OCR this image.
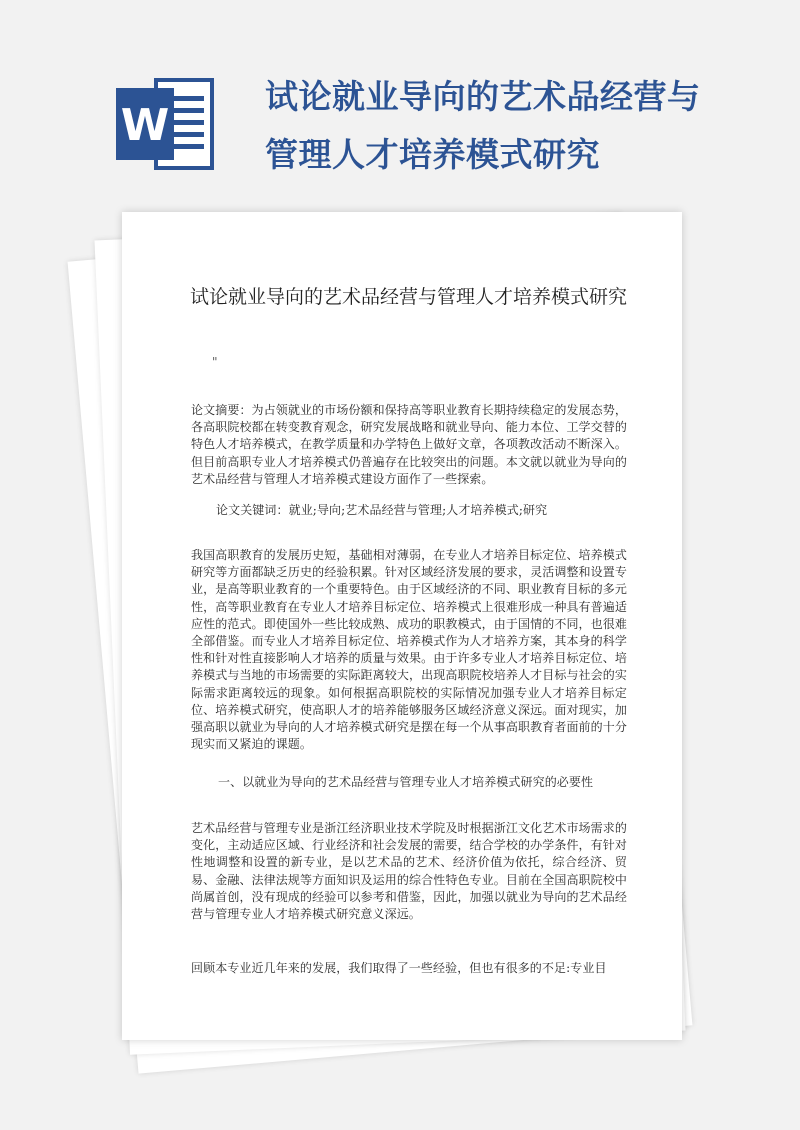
W
试论就业导向的艺术品经营与
管理人才培养模式研究
试论就业导向的艺术品经营与管理人才培养模式研究
"
论文摘要：为占领就业的市场份额和保持高等职业教育长期持续稳定的发展态势，各高职院校都在转变教育观念，研究发展战略和就业导向、能力本位、工学交替的特色人才培养模式，在教学质量和办学特色上做好文章，各项教改活动不断深入。但目前高职专业人才培养模式仍普遍存在比较突出的问题。本文就以就业为导向的艺术品经营与管理人才培养模式建设方面作了一些探索。
论文关键词：就业;导向;艺术品经营与管理;人才培养模式;研究
我国高职教育的发展历史短，基础相对薄弱，在专业人才培养目标定位、培养模式研究等方面都缺乏历史的经验积累。针对区域经济发展的要求，灵活调整和设置专业，是高等职业教育的一个重要特色。由于区域经济的不同、职业教育目标的多元性，高等职业教育在专业人才培养目标定位、培养模式上很难形成一种具有普遍适应性的范式。即使国外一些比较成熟、成功的职教模式，由于国情的不同，也很难全部借鉴。而专业人才培养目标定位、培养模式作为人才培养方案，其本身的科学性和针对性直接影响人才培养的质量与效果。由于许多专业人才培养目标定位、培养模式与当地的市场需要的实际距离较大，出现高职院校培养人才目标与社会的实际需求距离较远的现象。如何根据高职院校的实际情况加强专业人才培养目标定位、培养模式研究，使高职人才的培养能够服务区域经济意义深远。面对现实，加强高职以就业为导向的人才培养模式研究是摆在每一个从事高职教育者面前的十分现实而又紧迫的课题。
一、以就业为导向的艺术品经营与管理专业人才培养模式研究的必要性
艺术品经营与管理专业是浙江经济职业技术学院及时根据浙江文化艺术市场需求的变化，主动适应区域、行业经济和社会发展的需要，结合学校的办学条件，有针对性地调整和设置的新专业，是以艺术品的艺术、经济价值为依托，综合经济、贸易、金融、法律法规等方面知识及运用的综合性特色专业。目前在全国高职院校中尚属首创，没有现成的经验可以参考和借鉴，因此，加强以就业为导向的艺术品经营与管理专业人才培养模式研究意义深远。
回顾本专业近几年来的发展，我们取得了一些经验，但也有很多的不足:专业目
